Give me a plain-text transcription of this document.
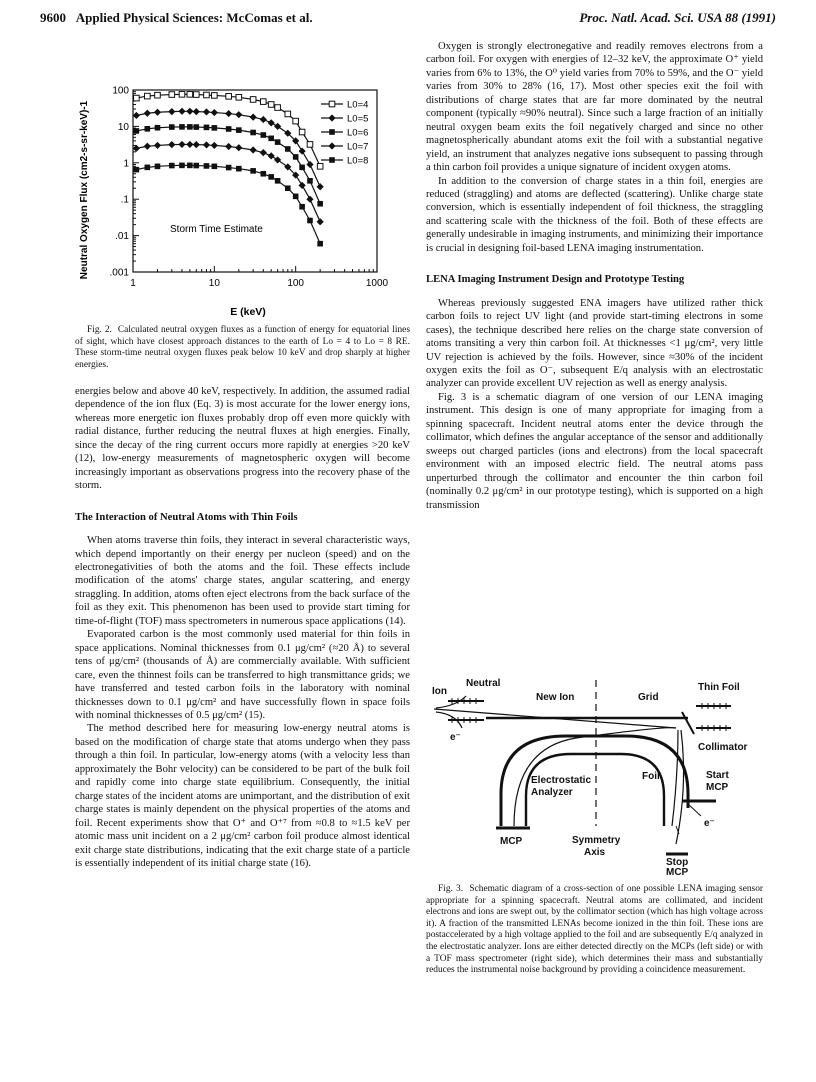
9600 Applied Physical Sciences: McComas et al.	Proc. Natl. Acad. Sci. USA 88 (1991)
1	10	100	1000
100
10
1
.1
.01
.001
L0=4
L0=5
L0=6
L0=7
L0=8
Neutral Oxygen Flux (cm2-s-sr-keV)-1
E (keV)
Storm Time Estimate

Fig. 2. Calculated neutral oxygen fluxes as a function of energy for equatorial lines of sight, which have closest approach distances to the earth of Lo = 4 to Lo = 8 RE. These storm-time neutral oxygen fluxes peak below 10 keV and drop sharply at higher energies.

energies below and above 40 keV, respectively. In addition, the assumed radial dependence of the ion flux (Eq. 3) is most accurate for the lower energy ions, whereas more energetic ion fluxes probably drop off even more quickly with radial distance, further reducing the neutral fluxes at high energies. Finally, since the decay of the ring current occurs more rapidly at energies >20 keV (12), low-energy measurements of magnetospheric oxygen will become increasingly important as observations progress into the recovery phase of the storm.

The Interaction of Neutral Atoms with Thin Foils

When atoms traverse thin foils, they interact in several characteristic ways, which depend importantly on their energy per nucleon (speed) and on the electronegativities of both the atoms and the foil. These effects include modification of the atoms' charge states, angular scattering, and energy straggling. In addition, atoms often eject electrons from the back surface of the foil as they exit. This phenomenon has been used to provide start timing for time-of-flight (TOF) mass spectrometers in numerous space applications (14).

Evaporated carbon is the most commonly used material for thin foils in space applications. Nominal thicknesses from 0.1 μg/cm² (≈20 Å) to several tens of μg/cm² (thousands of Å) are commercially available. With sufficient care, even the thinnest foils can be transferred to high transmittance grids; we have transferred and tested carbon foils in the laboratory with nominal thicknesses down to 0.1 μg/cm² and have successfully flown in space foils with nominal thicknesses of 0.5 μg/cm² (15).

The method described here for measuring low-energy neutral atoms is based on the modification of charge state that atoms undergo when they pass through a thin foil. In particular, low-energy atoms (with a velocity less than approximately the Bohr velocity) can be considered to be part of the bulk foil and rapidly come into charge state equilibrium. Consequently, the initial charge states of the incident atoms are unimportant, and the distribution of exit charge states is mainly dependent on the physical properties of the atoms and foil. Recent experiments show that O⁺ and O⁺⁷ from ≈0.8 to ≈1.5 keV per atomic mass unit incident on a 2 μg/cm² carbon foil produce almost identical exit charge state distributions, indicating that the exit charge state of a particle is essentially independent of its initial charge state (16).

Oxygen is strongly electronegative and readily removes electrons from a carbon foil. For oxygen with energies of 12–32 keV, the approximate O⁺ yield varies from 6% to 13%, the O⁰ yield varies from 70% to 59%, and the O⁻ yield varies from 30% to 28% (16, 17). Most other species exit the foil with distributions of charge states that are far more dominated by the neutral component (typically ≈90% neutral). Since such a large fraction of an initially neutral oxygen beam exits the foil negatively charged and since no other magnetospherically abundant atoms exit the foil with a substantial negative yield, an instrument that analyzes negative ions subsequent to passing through a thin carbon foil provides a unique signature of incident oxygen atoms.

In addition to the conversion of charge states in a thin foil, energies are reduced (straggling) and atoms are deflected (scattering). Unlike charge state conversion, which is essentially independent of foil thickness, the straggling and scattering scale with the thickness of the foil. Both of these effects are generally undesirable in imaging instruments, and minimizing their importance is crucial in designing foil-based LENA imaging instrumentation.

LENA Imaging Instrument Design and Prototype Testing

Whereas previously suggested ENA imagers have utilized rather thick carbon foils to reject UV light (and provide start-timing electrons in some cases), the technique described here relies on the charge state conversion of atoms transiting a very thin carbon foil. At thicknesses <1 μg/cm², very little UV rejection is achieved by the foils. However, since ≈30% of the incident oxygen exits the foil as O⁻, subsequent E/q analysis with an electrostatic analyzer can provide excellent UV rejection as well as energy analysis.

Fig. 3 is a schematic diagram of one version of our LENA imaging instrument. This design is one of many appropriate for imaging from a spinning spacecraft. Incident neutral atoms enter the device through the collimator, which defines the angular acceptance of the sensor and additionally sweeps out charged particles (ions and electrons) from the local spacecraft environment with an imposed electric field. The neutral atoms pass unperturbed through the collimator and encounter the thin carbon foil (nominally 0.2 μg/cm² in our prototype testing), which is supported on a high transmission

Ion
Neutral
e⁻
New Ion	Grid
Thin Foil
Collimator
Electrostatic
Analyzer
Foil	Start
MCP
e⁻
MCP	Symmetry
Axis
Stop
MCP

Fig. 3. Schematic diagram of a cross-section of one possible LENA imaging sensor appropriate for a spinning spacecraft. Neutral atoms are collimated, and incident electrons and ions are swept out, by the collimator section (which has high voltage across it). A fraction of the transmitted LENAs become ionized in the thin foil. These ions are postaccelerated by a high voltage applied to the foil and are subsequently E/q analyzed in the electrostatic analyzer. Ions are either detected directly on the MCPs (left side) or with a TOF mass spectrometer (right side), which determines their mass and substantially reduces the instrumental noise background by providing a coincidence measurement.
